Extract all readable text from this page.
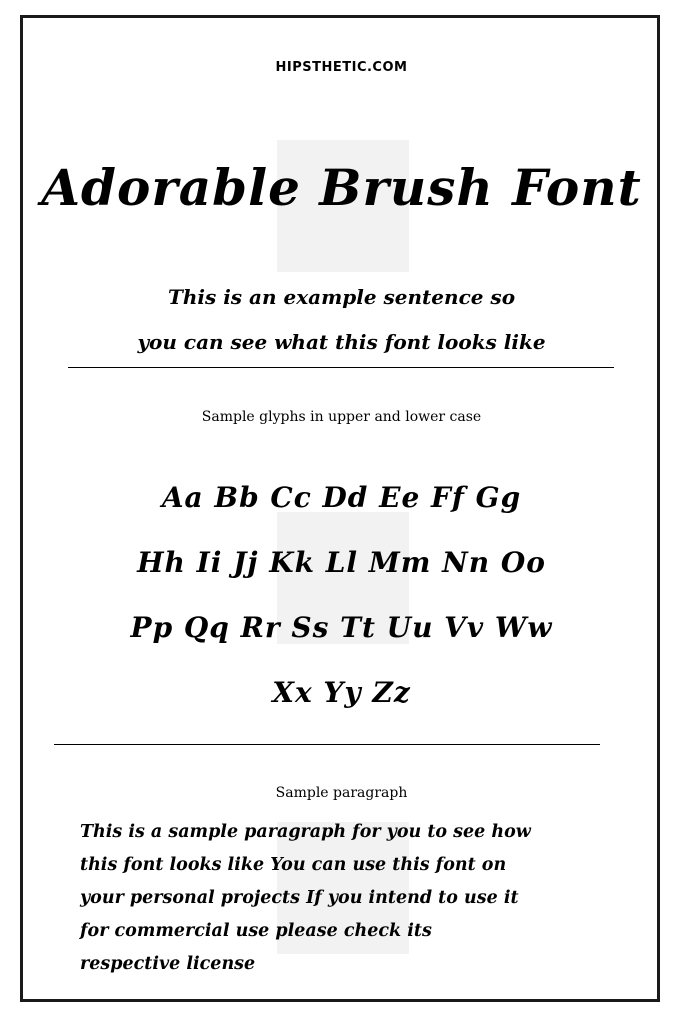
HIPSTHETIC.COM
Adorable Brush Font
This is an example sentence so
you can see what this font looks like
Sample glyphs in upper and lower case
Aa Bb Cc Dd Ee Ff Gg
Hh Ii Jj Kk Ll Mm Nn Oo
Pp Qq Rr Ss Tt Uu Vv Ww
Xx Yy Zz
Sample paragraph
This is a sample paragraph for you to see how
this font looks like You can use this font on
your personal projects If you intend to use it
for commercial use please check its
respective license
